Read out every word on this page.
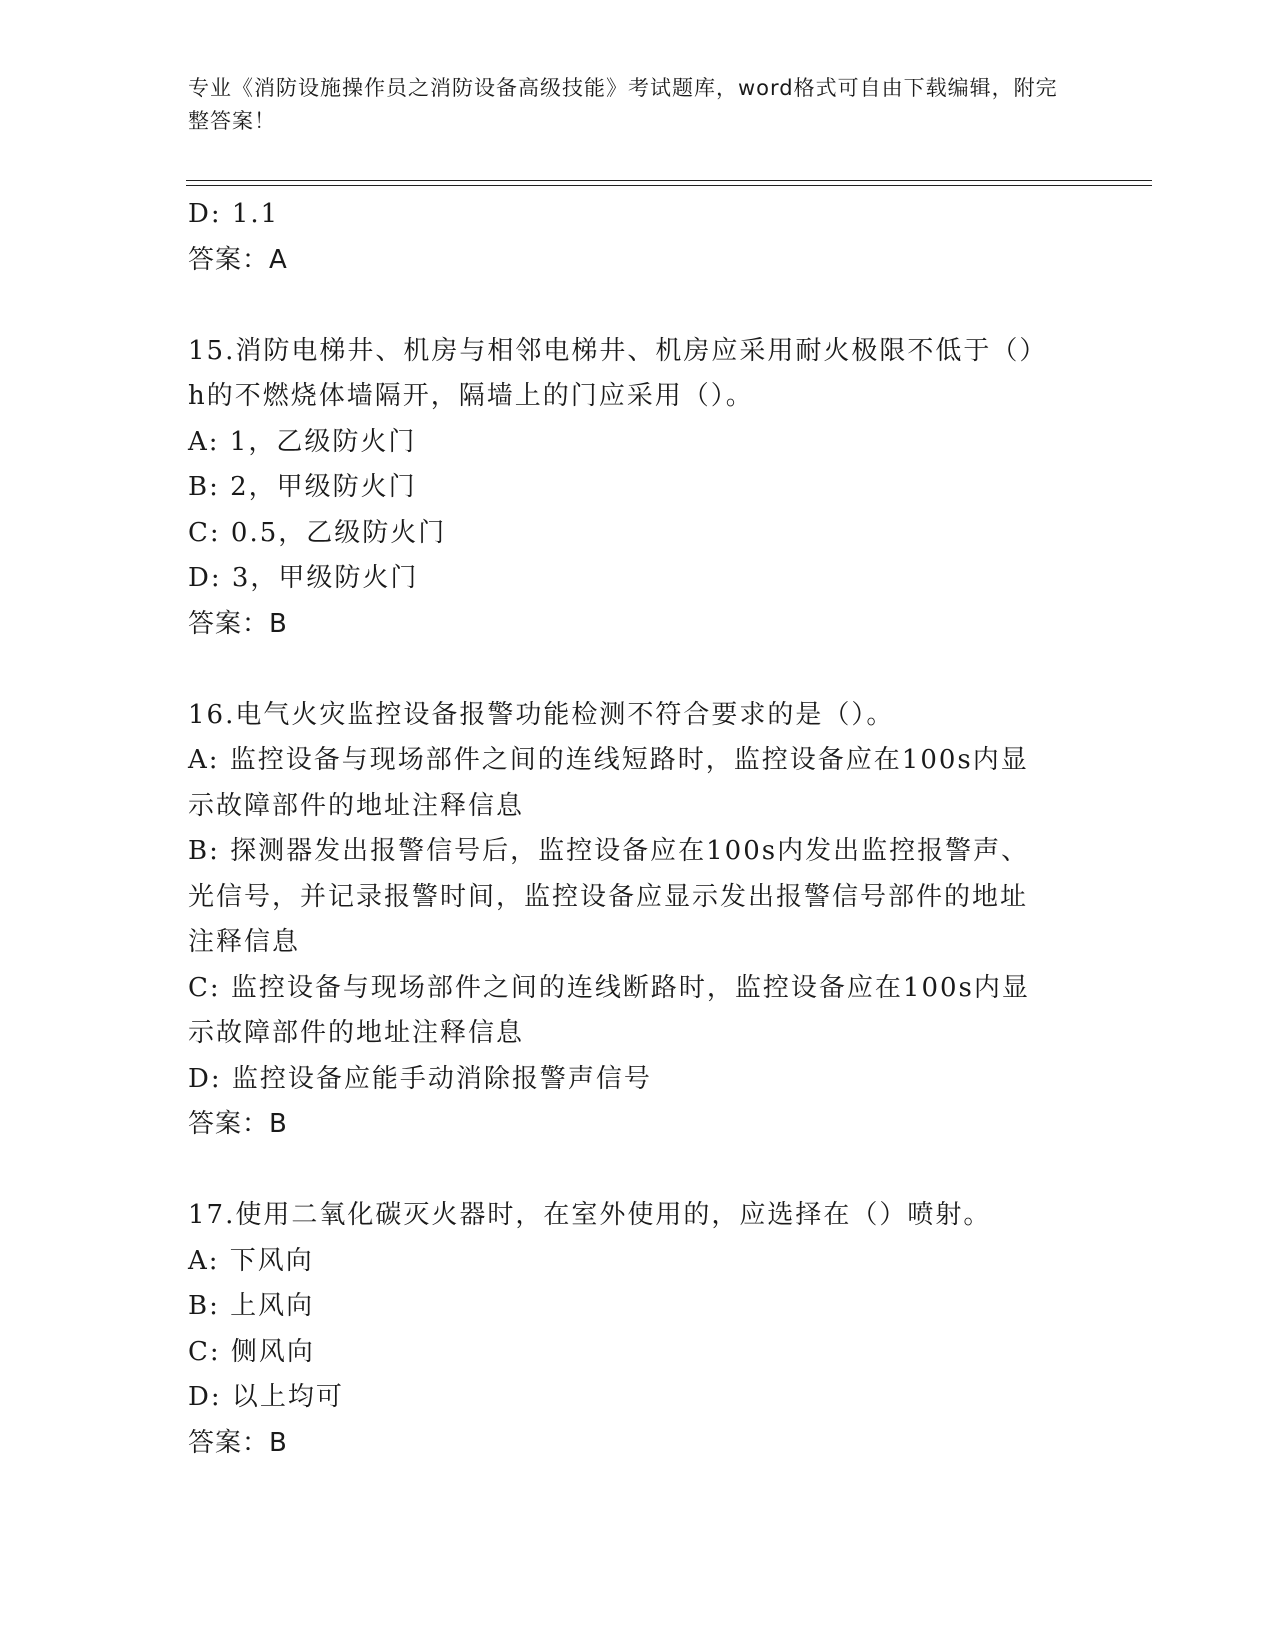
专业《消防设施操作员之消防设备高级技能》考试题库，word格式可自由下载编辑，附完整答案！
D: 1.1
答案：A
15.消防电梯井、机房与相邻电梯井、机房应采用耐火极限不低于（）
h的不燃烧体墙隔开，隔墙上的门应采用（）。
A: 1，乙级防火门
B: 2，甲级防火门
C: 0.5，乙级防火门
D: 3，甲级防火门
答案：B
16.电气火灾监控设备报警功能检测不符合要求的是（）。
A: 监控设备与现场部件之间的连线短路时，监控设备应在100s内显
示故障部件的地址注释信息
B: 探测器发出报警信号后，监控设备应在100s内发出监控报警声、
光信号，并记录报警时间，监控设备应显示发出报警信号部件的地址
注释信息
C: 监控设备与现场部件之间的连线断路时，监控设备应在100s内显
示故障部件的地址注释信息
D: 监控设备应能手动消除报警声信号
答案：B
17.使用二氧化碳灭火器时，在室外使用的，应选择在（）喷射。
A: 下风向
B: 上风向
C: 侧风向
D: 以上均可
答案：B
